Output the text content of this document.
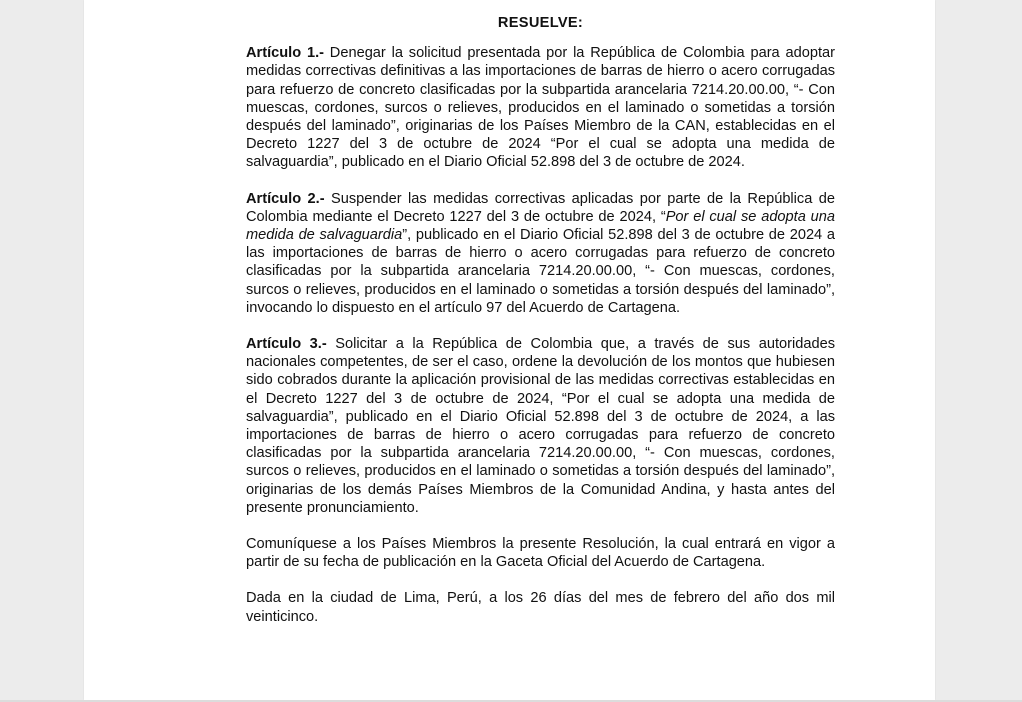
RESUELVE:

Artículo 1.- Denegar la solicitud presentada por la República de Colombia para adoptar medidas correctivas definitivas a las importaciones de barras de hierro o acero corrugadas para refuerzo de concreto clasificadas por la subpartida arancelaria 7214.20.00.00, “- Con muescas, cordones, surcos o relieves, producidos en el laminado o sometidas a torsión después del laminado”, originarias de los Países Miembro de la CAN, establecidas en el Decreto 1227 del 3 de octubre de 2024 “Por el cual se adopta una medida de salvaguardia”, publicado en el Diario Oficial 52.898 del 3 de octubre de 2024.

Artículo 2.- Suspender las medidas correctivas aplicadas por parte de la República de Colombia mediante el Decreto 1227 del 3 de octubre de 2024, “Por el cual se adopta una medida de salvaguardia”, publicado en el Diario Oficial 52.898 del 3 de octubre de 2024 a las importaciones de barras de hierro o acero corrugadas para refuerzo de concreto clasificadas por la subpartida arancelaria 7214.20.00.00, “- Con muescas, cordones, surcos o relieves, producidos en el laminado o sometidas a torsión después del laminado”, invocando lo dispuesto en el artículo 97 del Acuerdo de Cartagena.

Artículo 3.- Solicitar a la República de Colombia que, a través de sus autoridades nacionales competentes, de ser el caso, ordene la devolución de los montos que hubiesen sido cobrados durante la aplicación provisional de las medidas correctivas establecidas en el Decreto 1227 del 3 de octubre de 2024, “Por el cual se adopta una medida de salvaguardia”, publicado en el Diario Oficial 52.898 del 3 de octubre de 2024, a las importaciones de barras de hierro o acero corrugadas para refuerzo de concreto clasificadas por la subpartida arancelaria 7214.20.00.00, “- Con muescas, cordones, surcos o relieves, producidos en el laminado o sometidas a torsión después del laminado”, originarias de los demás Países Miembros de la Comunidad Andina, y hasta antes del presente pronunciamiento.

Comuníquese a los Países Miembros la presente Resolución, la cual entrará en vigor a partir de su fecha de publicación en la Gaceta Oficial del Acuerdo de Cartagena.

Dada en la ciudad de Lima, Perú, a los 26 días del mes de febrero del año dos mil veinticinco.
